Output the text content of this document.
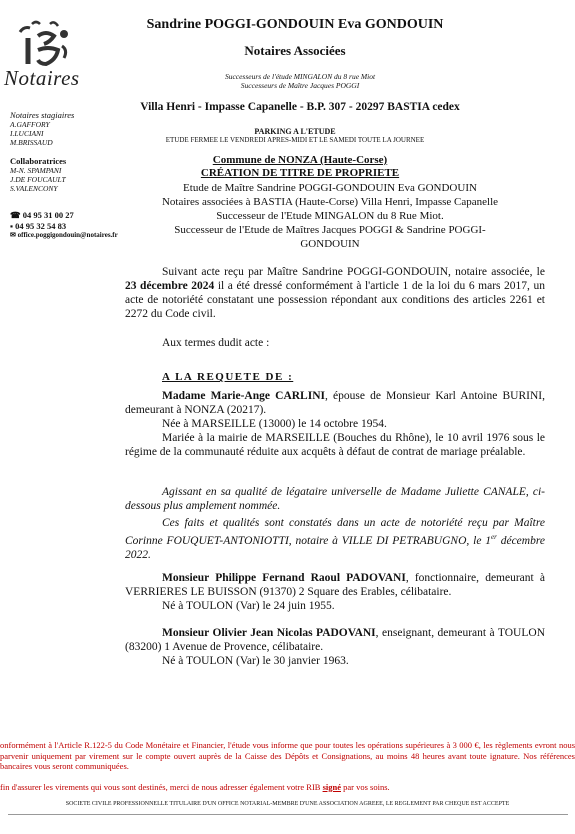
Notaires
Sandrine POGGI-GONDOUIN Eva GONDOUIN
Notaires Associées
Successeurs de l'étude MINGALON du 8 rue Miot
Successeurs de Maître Jacques POGGI
Villa Henri - Impasse Capanelle - B.P. 307 - 20297 BASTIA cedex
PARKING A L'ETUDE
ETUDE FERMEE LE VENDREDI APRES-MIDI ET LE SAMEDI TOUTE LA JOURNEE
Notaires stagiaires
A.GAFFORY
I.LUCIANI
M.BRISSAUD
Collaboratrices
M-N. SPAMPANI
J.DE FOUCAULT
S.VALENCONY
☎ 04 95 31 00 27
▪ 04 95 32 54 83
✉ office.poggigondouin@notaires.fr
Commune de NONZA (Haute-Corse)
CRÉATION DE TITRE DE PROPRIETE
Etude de Maître Sandrine POGGI-GONDOUIN Eva GONDOUIN
Notaires associées à BASTIA (Haute-Corse) Villa Henri, Impasse Capanelle
Successeur de l'Etude MINGALON du 8 Rue Miot.
Successeur de l'Etude de Maîtres Jacques POGGI & Sandrine POGGI-
GONDOUIN
Suivant acte reçu par Maître Sandrine POGGI-GONDOUIN, notaire associée, le 23 décembre 2024 il a été dressé conformément à l'article 1 de la loi du 6 mars 2017, un acte de notoriété constatant une possession répondant aux conditions des articles 2261 et 2272 du Code civil.
Aux termes dudit acte :
A LA REQUETE DE :
Madame Marie-Ange CARLINI, épouse de Monsieur Karl Antoine BURINI, demeurant à NONZA (20217).
Née à MARSEILLE (13000) le 14 octobre 1954.
Mariée à la mairie de MARSEILLE (Bouches du Rhône), le 10 avril 1976 sous le régime de la communauté réduite aux acquêts à défaut de contrat de mariage préalable.
Agissant en sa qualité de légataire universelle de Madame Juliette CANALE, ci-dessous plus amplement nommée.
Ces faits et qualités sont constatés dans un acte de notoriété reçu par Maître Corinne FOUQUET-ANTONIOTTI, notaire à VILLE DI PETRABUGNO, le 1er décembre 2022.
Monsieur Philippe Fernand Raoul PADOVANI, fonctionnaire, demeurant à VERRIERES LE BUISSON (91370) 2 Square des Erables, célibataire.
Né à TOULON (Var) le 24 juin 1955.
Monsieur Olivier Jean Nicolas PADOVANI, enseignant, demeurant à TOULON (83200) 1 Avenue de Provence, célibataire.
Né à TOULON (Var) le 30 janvier 1963.
onformément à l'Article R.122-5 du Code Monétaire et Financier, l'étude vous informe que pour toutes les opérations supérieures à 3 000 €, les règlements evront nous parvenir uniquement par virement sur le compte ouvert auprès de la Caisse des Dépôts et Consignations, au moins 48 heures avant toute ignature. Nos références bancaires vous seront communiquées.
fin d'assurer les virements qui vous sont destinés, merci de nous adresser également votre RIB signé par vos soins.
SOCIETE CIVILE PROFESSIONNELLE TITULAIRE D'UN OFFICE NOTARIAL-MEMBRE D'UNE ASSOCIATION AGREEE, LE REGLEMENT PAR CHEQUE EST ACCEPTE
